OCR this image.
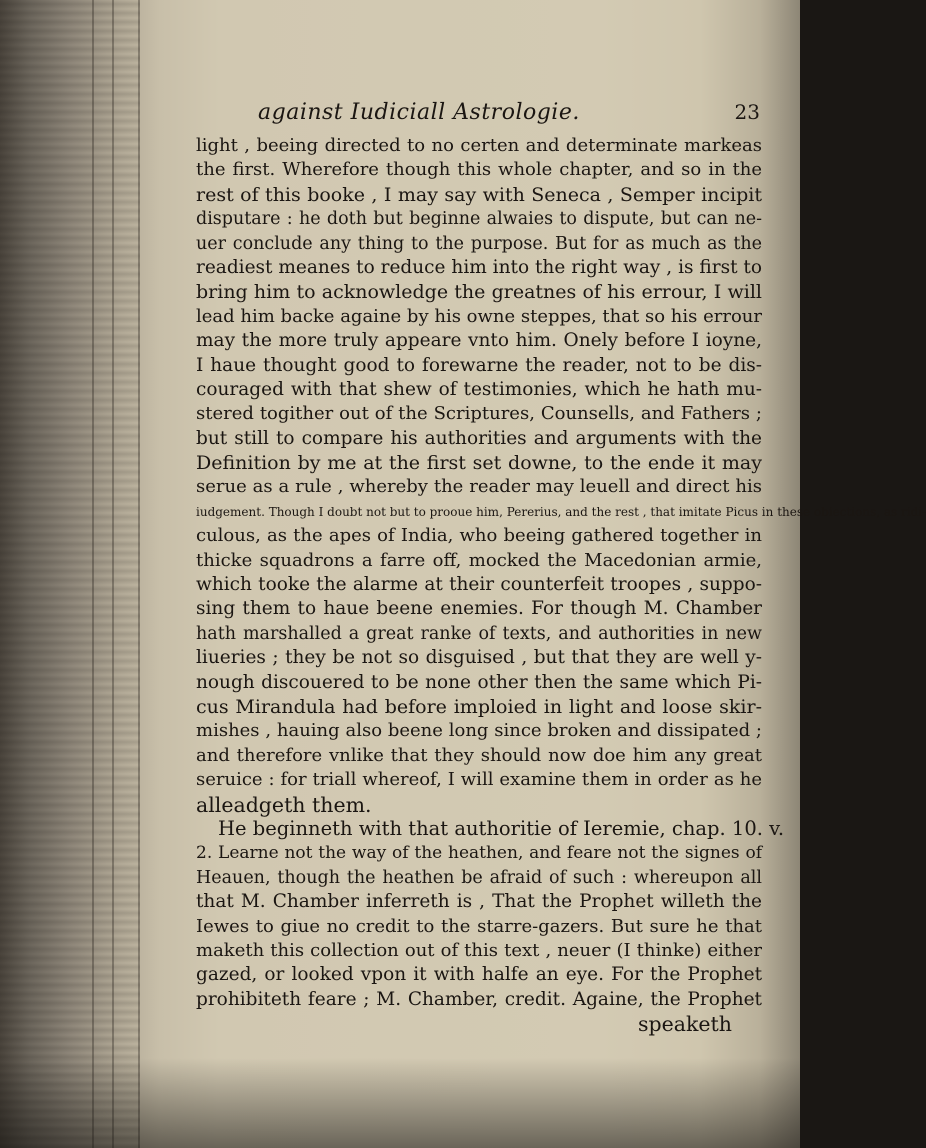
against Iudiciall Astrologie.	23
light , beeing directed to no certen and determinate markeas
the first. Wherefore though this whole chapter, and so in the
rest of this booke , I may say with Seneca , Semper incipit
disputare : he doth but beginne alwaies to dispute, but can ne-
uer conclude any thing to the purpose. But for as much as the
readiest meanes to reduce him into the right way , is first to
bring him to acknowledge the greatnes of his errour, I will
lead him backe againe by his owne steppes, that so his errour
may the more truly appeare vnto him. Onely before I ioyne,
I haue thought good to forewarne the reader, not to be dis-
couraged with that shew of testimonies, which he hath mu-
stered togither out of the Scriptures, Counsells, and Fathers ;
but still to compare his authorities and arguments with the
Definition by me at the first set downe, to the ende it may
serue as a rule , whereby the reader may leuell and direct his
iudgement. Though I doubt not but to prooue him, Pererius, and the rest , that imitate Picus in these obiections, as ridi-
culous, as the apes of India, who beeing gathered together in
thicke squadrons a farre off, mocked the Macedonian armie,
which tooke the alarme at their counterfeit troopes , suppo-
sing them to haue beene enemies. For though M. Chamber
hath marshalled a great ranke of texts, and authorities in new
liueries ; they be not so disguised , but that they are well y-
nough discouered to be none other then the same which Pi-
cus Mirandula had before imploied in light and loose skir-
mishes , hauing also beene long since broken and dissipated ;
and therefore vnlike that they should now doe him any great
seruice : for triall whereof, I will examine them in order as he
alleadgeth them.
He beginneth with that authoritie of Ieremie, chap. 10. v.
2. Learne not the way of the heathen, and feare not the signes of
Heauen, though the heathen be afraid of such : whereupon all
that M. Chamber inferreth is , That the Prophet willeth the
Iewes to giue no credit to the starre-gazers. But sure he that
maketh this collection out of this text , neuer (I thinke) either
gazed, or looked vpon it with halfe an eye. For the Prophet
prohibiteth feare ; M. Chamber, credit. Againe, the Prophet
speaketh
